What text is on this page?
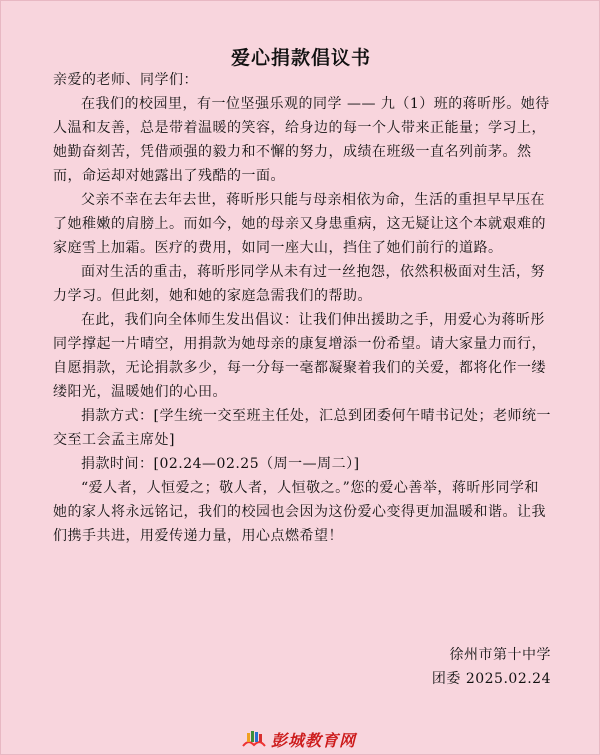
爱心捐款倡议书

亲爱的老师、同学们：

在我们的校园里，有一位坚强乐观的同学 —— 九（1）班的蒋昕彤。她待人温和友善，总是带着温暖的笑容，给身边的每一个人带来正能量；学习上，她勤奋刻苦，凭借顽强的毅力和不懈的努力，成绩在班级一直名列前茅。然而，命运却对她露出了残酷的一面。

父亲不幸在去年去世，蒋昕彤只能与母亲相依为命，生活的重担早早压在了她稚嫩的肩膀上。而如今，她的母亲又身患重病，这无疑让这个本就艰难的家庭雪上加霜。医疗的费用，如同一座大山，挡住了她们前行的道路。

面对生活的重击，蒋昕彤同学从未有过一丝抱怨，依然积极面对生活，努力学习。但此刻，她和她的家庭急需我们的帮助。

在此，我们向全体师生发出倡议：让我们伸出援助之手，用爱心为蒋昕彤同学撑起一片晴空，用捐款为她母亲的康复增添一份希望。请大家量力而行，自愿捐款，无论捐款多少，每一分每一毫都凝聚着我们的关爱，都将化作一缕缕阳光，温暖她们的心田。

捐款方式：[学生统一交至班主任处，汇总到团委何午晴书记处；老师统一交至工会孟主席处]

捐款时间：[02.24—02.25（周一—周二）]

“爱人者，人恒爱之；敬人者，人恒敬之。”您的爱心善举，蒋昕彤同学和她的家人将永远铭记，我们的校园也会因为这份爱心变得更加温暖和谐。让我们携手共进，用爱传递力量，用心点燃希望！

徐州市第十中学
团委 2025.02.24
彭城教育网
